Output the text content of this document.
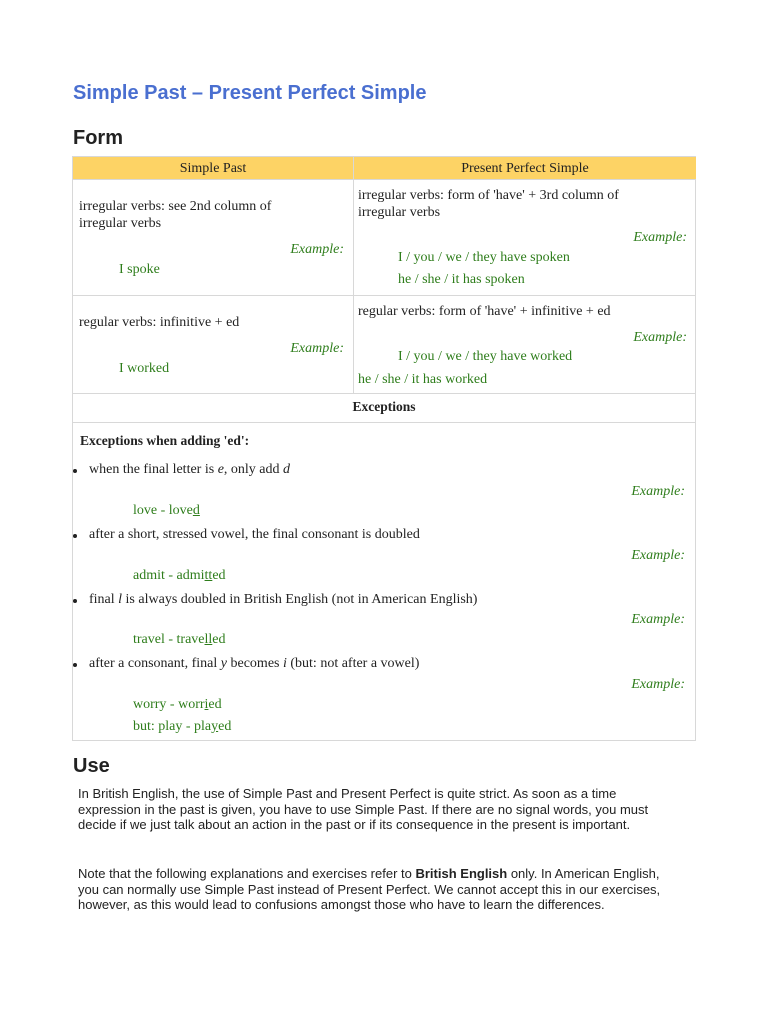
Simple Past – Present Perfect Simple
Form
Simple Past	Present Perfect Simple
irregular verbs: see 2nd column of
irregular verbs
Example:
I spoke
irregular verbs: form of 'have' + 3rd column of
irregular verbs
Example:
I / you / we / they have spoken
he / she / it has spoken
regular verbs: infinitive + ed
Example:
I worked
regular verbs: form of 'have' + infinitive + ed
Example:
I / you / we / they have worked
he / she / it has worked
Exceptions
Exceptions when adding 'ed':
when the final letter is e, only add d
Example:
love - loved
after a short, stressed vowel, the final consonant is doubled
Example:
admit - admitted
final l is always doubled in British English (not in American English)
Example:
travel - travelled
after a consonant, final y becomes i (but: not after a vowel)
Example:
worry - worried
but: play - played
Use

In British English, the use of Simple Past and Present Perfect is quite strict. As soon as a time expression in the past is given, you have to use Simple Past. If there are no signal words, you must decide if we just talk about an action in the past or if its consequence in the present is important.

Note that the following explanations and exercises refer to British English only. In American English, you can normally use Simple Past instead of Present Perfect. We cannot accept this in our exercises, however, as this would lead to confusions amongst those who have to learn the differences.
